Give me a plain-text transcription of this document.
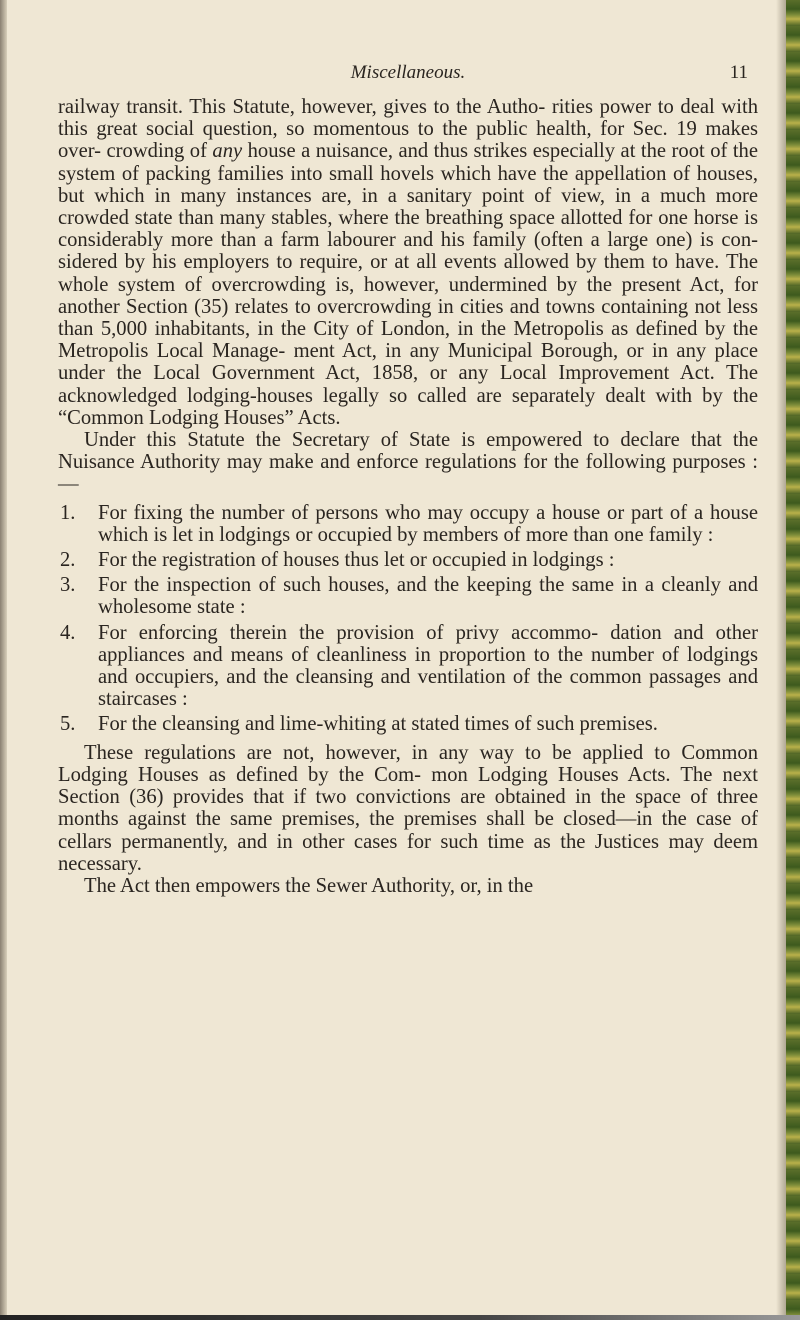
Miscellaneous.	11

railway transit. This Statute, however, gives to the Autho- rities power to deal with this great social question, so momentous to the public health, for Sec. 19 makes over- crowding of any house a nuisance, and thus strikes especially at the root of the system of packing families into small hovels which have the appellation of houses, but which in many instances are, in a sanitary point of view, in a much more crowded state than many stables, where the breathing space allotted for one horse is considerably more than a farm labourer and his family (often a large one) is con- sidered by his employers to require, or at all events allowed by them to have. The whole system of overcrowding is, however, undermined by the present Act, for another Section (35) relates to overcrowding in cities and towns containing not less than 5,000 inhabitants, in the City of London, in the Metropolis as defined by the Metropolis Local Manage- ment Act, in any Municipal Borough, or in any place under the Local Government Act, 1858, or any Local Improvement Act. The acknowledged lodging-houses legally so called are separately dealt with by the “Common Lodging Houses” Acts.

Under this Statute the Secretary of State is empowered to declare that the Nuisance Authority may make and enforce regulations for the following purposes :—

1.	For fixing the number of persons who may occupy a house or part of a house which is let in lodgings or occupied by members of more than one family :
2.	For the registration of houses thus let or occupied in lodgings :
3.	For the inspection of such houses, and the keeping the same in a cleanly and wholesome state :
4.	For enforcing therein the provision of privy accommo- dation and other appliances and means of cleanliness in proportion to the number of lodgings and occupiers, and the cleansing and ventilation of the common passages and staircases :
5.	For the cleansing and lime-whiting at stated times of such premises.

These regulations are not, however, in any way to be applied to Common Lodging Houses as defined by the Com- mon Lodging Houses Acts. The next Section (36) provides that if two convictions are obtained in the space of three months against the same premises, the premises shall be closed—in the case of cellars permanently, and in other cases for such time as the Justices may deem necessary.

The Act then empowers the Sewer Authority, or, in the
